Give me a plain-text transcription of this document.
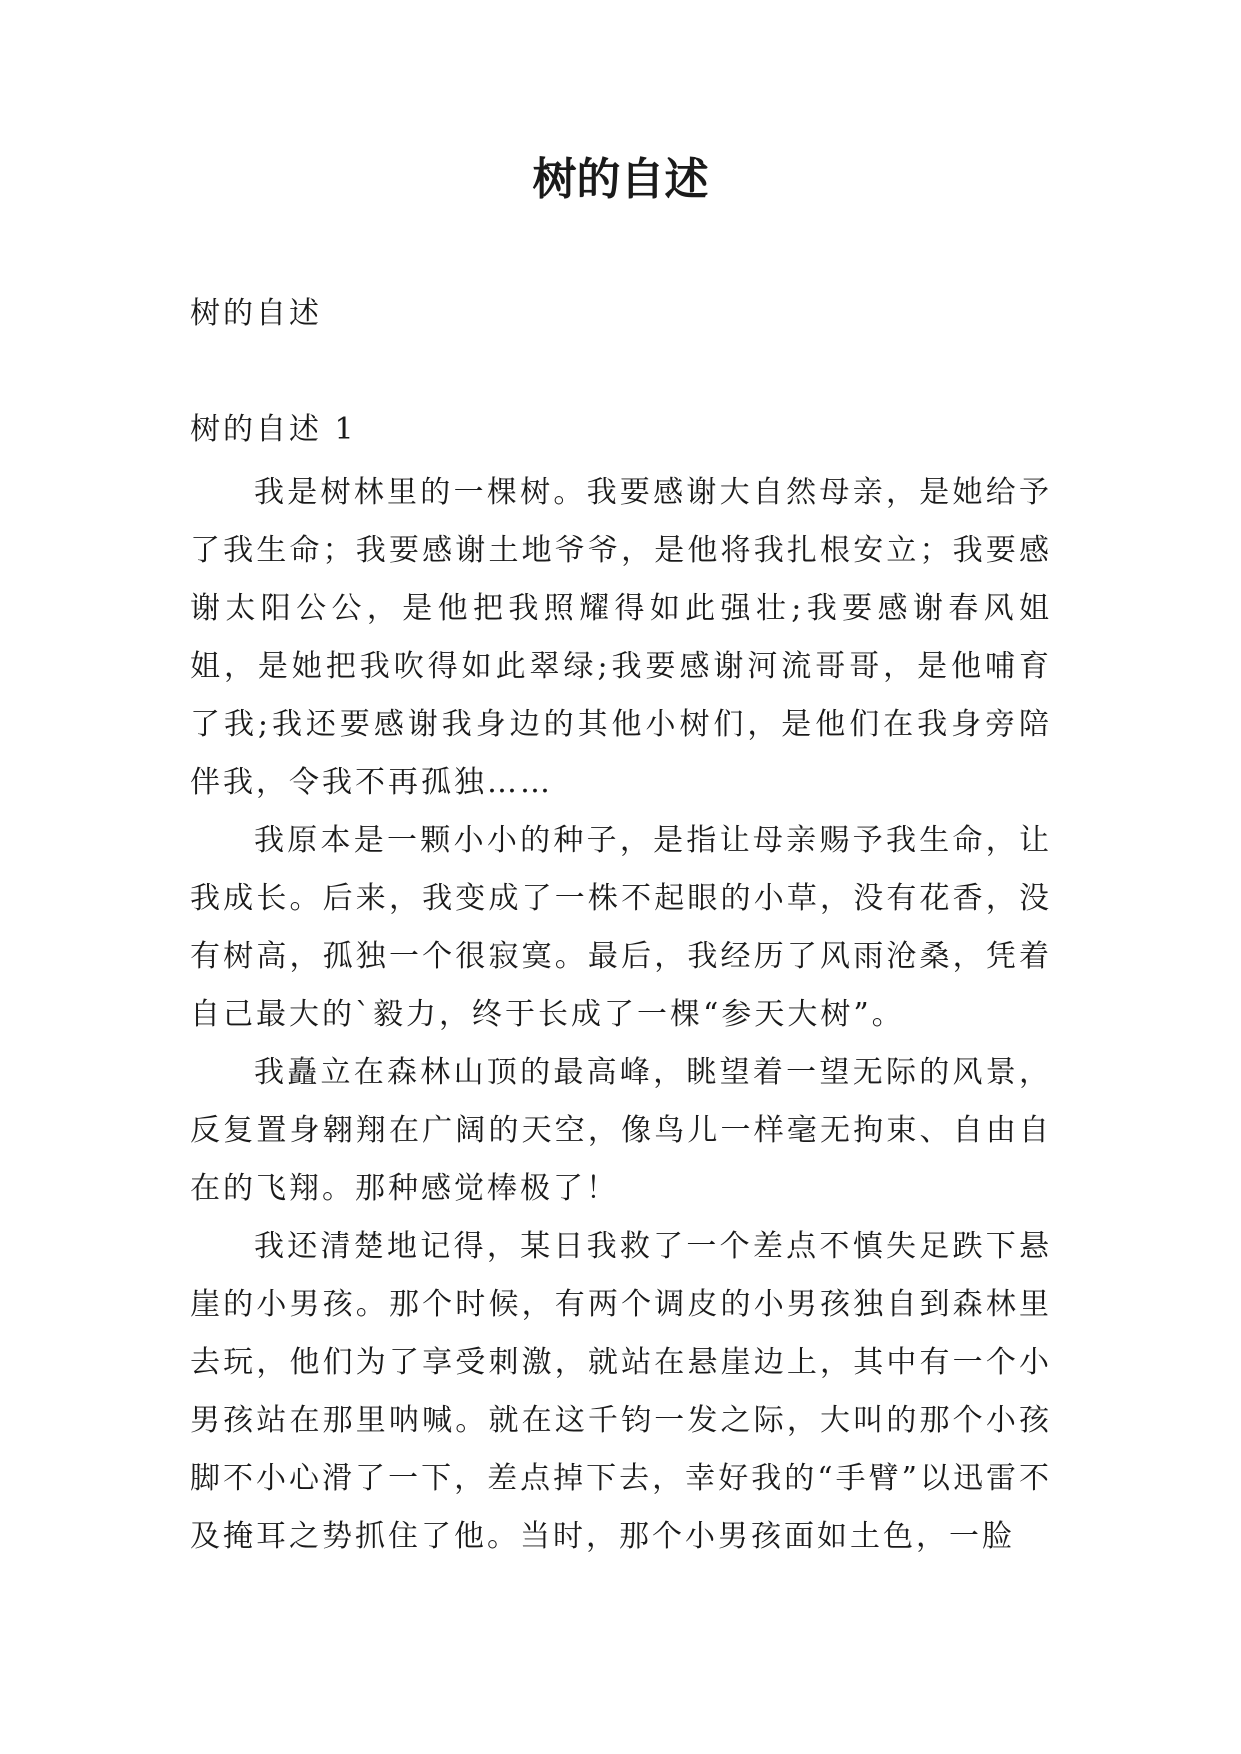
树的自述
树的自述
树的自述 1

我是树林里的一棵树。我要感谢大自然母亲，是她给予了我生命；我要感谢土地爷爷，是他将我扎根安立；我要感谢太阳公公，是他把我照耀得如此强壮;我要感谢春风姐姐，是她把我吹得如此翠绿;我要感谢河流哥哥，是他哺育了我;我还要感谢我身边的其他小树们，是他们在我身旁陪伴我，令我不再孤独……

我原本是一颗小小的种子，是指让母亲赐予我生命，让我成长。后来，我变成了一株不起眼的小草，没有花香，没有树高，孤独一个很寂寞。最后，我经历了风雨沧桑，凭着自己最大的`毅力，终于长成了一棵“参天大树”。

我矗立在森林山顶的最高峰，眺望着一望无际的风景，反复置身翱翔在广阔的天空，像鸟儿一样毫无拘束、自由自在的飞翔。那种感觉棒极了！

我还清楚地记得，某日我救了一个差点不慎失足跌下悬崖的小男孩。那个时候，有两个调皮的小男孩独自到森林里去玩，他们为了享受刺激，就站在悬崖边上，其中有一个小男孩站在那里呐喊。就在这千钧一发之际，大叫的那个小孩脚不小心滑了一下，差点掉下去，幸好我的“手臂”以迅雷不及掩耳之势抓住了他。当时，那个小男孩面如土色，一脸
